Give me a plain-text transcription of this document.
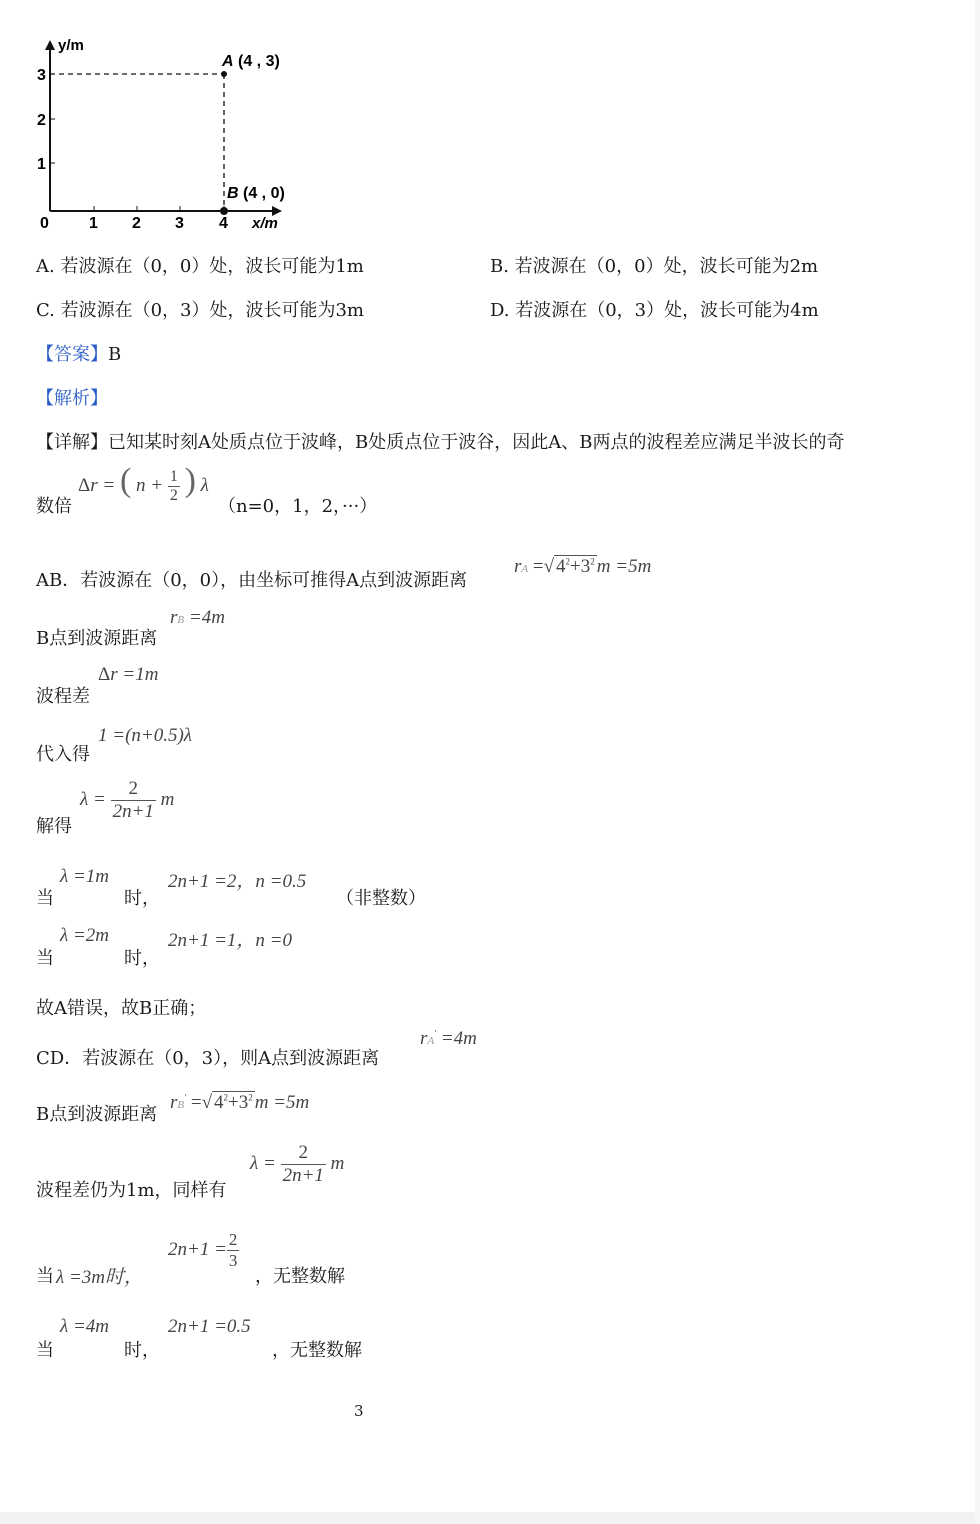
y/m
x/m
0	1 2 3 4
1
2
3
A (4 , 3)
B (4 , 0)
A. 若波源在（0，0）处，波长可能为1m	B. 若波源在（0，0）处，波长可能为2m
C. 若波源在（0，3）处，波长可能为3m	D. 若波源在（0，3）处，波长可能为4m
【答案】B
【解析】
【详解】已知某时刻A处质点位于波峰，B处质点位于波谷，因此A、B两点的波程差应满足半波长的奇
数倍
Δr = ( $n + \frac{1}{2}$ ) λ
（n=0，1，2，···）
AB．若波源在（0，0），由坐标可推得A点到波源距离
rA =√ $4^2+3^2$ m =5m
B点到波源距离
rB =4m
波程差
Δr =1m
代入得
1 =(n+0.5)λ
解得
$\lambda = \frac{2}{2n+1}$ m
当
λ =1m
时，
2n+1 =2，n =0.5
（非整数）
当
λ =2m
时，
2n+1 =1，n =0
故A错误，故B正确；
CD．若波源在（0，3），则A点到波源距离
rA′ =4m
B点到波源距离
rB′ =√ $4^2+3^2$ m =5m
波程差仍为1m，同样有
$\lambda = \frac{2}{2n+1}$ m
当 λ =3m时，
$2n+1 = \frac{2}{3}$
，无整数解
当
λ =4m
时，
2n+1 =0.5
，无整数解
3
